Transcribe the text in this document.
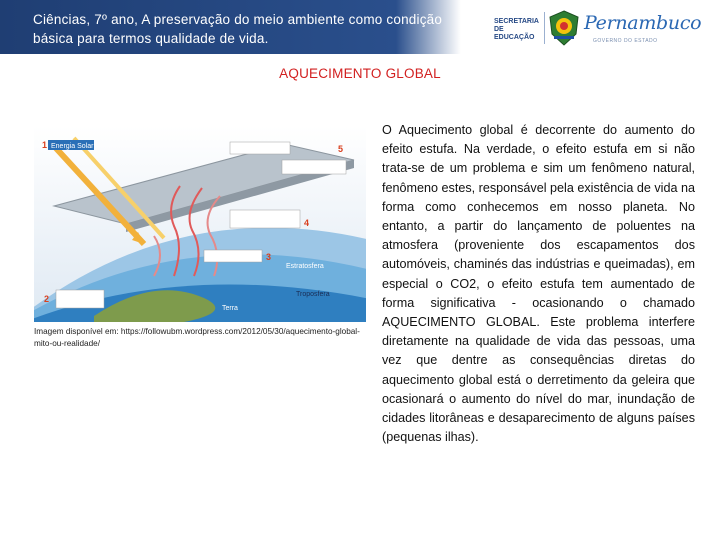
Ciências, 7º ano, A preservação do meio ambiente como condição básica para termos qualidade de vida.
SECRETARIA
DE EDUCAÇÃO
Pernambuco
GOVERNO DO ESTADO
AQUECIMENTO GLOBAL
Energia Solar
Estratosfera
Troposfera
Terra
1
2
3
4
5
Imagem disponível em: https://followubm.wordpress.com/2012/05/30/aquecimento-global-mito-ou-realidade/
O Aquecimento global é decorrente do aumento do efeito estufa. Na verdade, o efeito estufa em si não trata-se de um problema e sim um fenômeno natural, fenômeno estes, responsável pela existência de vida na forma como conhecemos em nosso planeta. No entanto, a partir do lançamento de poluentes na atmosfera (proveniente dos escapamentos dos automóveis, chaminés das indústrias e queimadas), em especial o CO2, o efeito estufa tem aumentado de forma significativa - ocasionando o chamado AQUECIMENTO GLOBAL. Este problema interfere diretamente na qualidade de vida das pessoas, uma vez que dentre as consequências diretas do aquecimento global está o derretimento da geleira que ocasionará o aumento do nível do mar, inundação de cidades litorâneas e desaparecimento de alguns países (pequenas ilhas).
